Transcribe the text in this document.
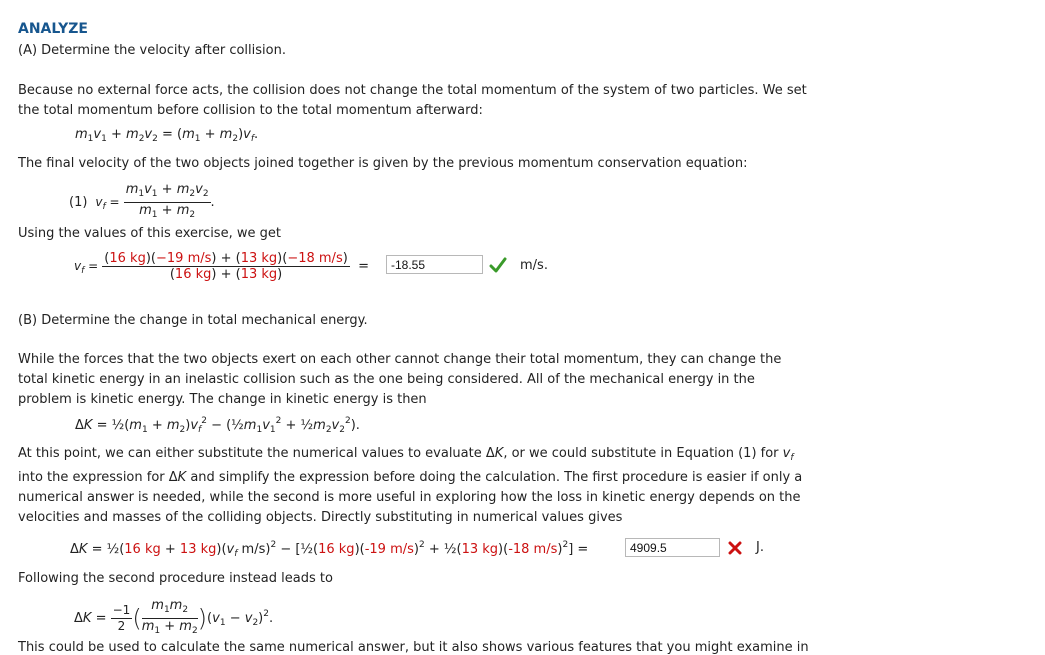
ANALYZE
(A) Determine the velocity after collision.
Because no external force acts, the collision does not change the total momentum of the system of two particles. We set
the total momentum before collision to the total momentum afterward:
$m_1v_1 + m_2v_2 = (m_1 + m_2)v_f$.
The final velocity of the two objects joined together is given by the previous momentum conservation equation:
(1) $v_f = \frac{m_1v_1 + m_2v_2}{m_1 + m_2}$ .
Using the values of this exercise, we get
$v_f = \frac{(16 kg)(-19 m/s) + (13 kg)(-18 m/s)}{(16 kg) + (13 kg)}$ =	-18.55	m/s.
(B) Determine the change in total mechanical energy.
While the forces that the two objects exert on each other cannot change their total momentum, they can change the
total kinetic energy in an inelastic collision such as the one being considered. All of the mechanical energy in the
problem is kinetic energy. The change in kinetic energy is then
$\Delta K = \frac{1}{2}(m_1 + m_2)v_f^2$ − ($\frac{1}{2}m_1v_1^2$ + $\frac{1}{2}m_2v_2^2$).
At this point, we can either substitute the numerical values to evaluate ΔK, or we could substitute in Equation (1) for $v_f$
into the expression for ΔK and simplify the expression before doing the calculation. The first procedure is easier if only a
numerical answer is needed, while the second is more useful in exploring how the loss in kinetic energy depends on the
velocities and masses of the colliding objects. Directly substituting in numerical values gives
ΔK = ½(16 kg + 13 $kg)(v_f$ m/s)$^2$ − [½(16 kg)(-19 m/s)$^2$ + ½(13 kg)(-18 m/s)$^2$] =	4909.5	J.
Following the second procedure instead leads to
$\Delta K = \frac{-1}{2}$ ( $\frac{m_1m_2}{m_1 + m_2} )(v_1 - v_2)^2$.
This could be used to calculate the same numerical answer, but it also shows various features that you might examine in
